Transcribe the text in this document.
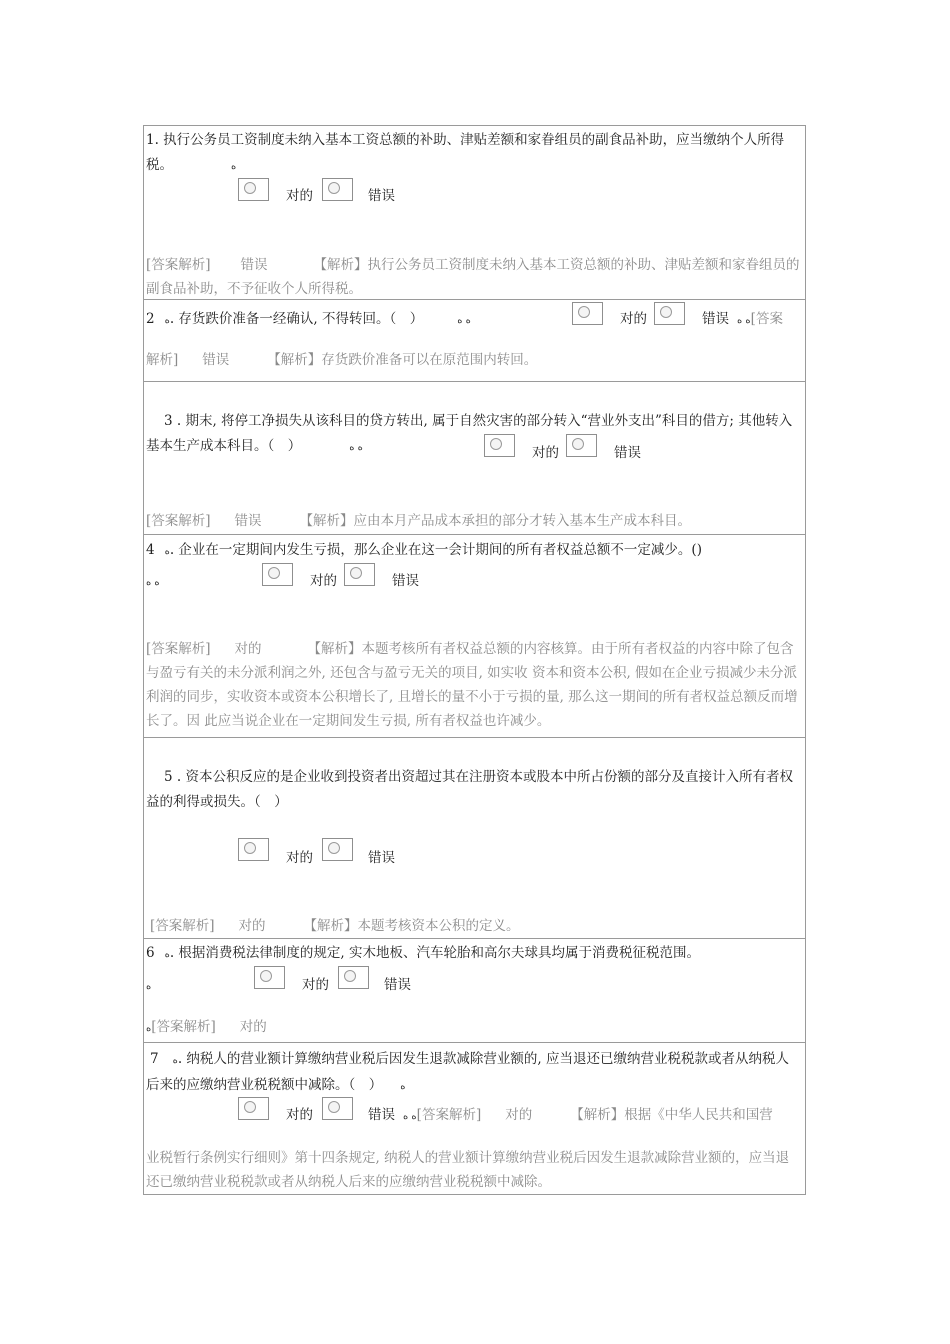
1. 执行公务员工资制度未纳入基本工资总额的补助、津贴差额和家眷组员的副食品补助，应当缴纳个人所得税。	ه
对的	错误
[答案解析] 错误	【解析】执行公务员工资制度未纳入基本工资总额的补助、津贴差额和家眷组员的副食品补助，不予征收个人所得税。
2 ه. 存货跌价准备一经确认, 不得转回。（　）	ه ه	对的	错误 ه ه[答案
解析] 错误	【解析】存货跌价准备可以在原范围内转回。
3 . 期末, 将停工净损失从该科目的贷方转出, 属于自然灾害的部分转入“营业外支出”科目的借方; 其他转入基本生产成本科目。（　）	ه ه	对的	错误
[答案解析] 错误	【解析】应由本月产品成本承担的部分才转入基本生产成本科目。
4 ه. 企业在一定期间内发生亏损，那么企业在这一会计期间的所有者权益总额不一定减少。()
ه ه	对的	错误
[答案解析] 对的	【解析】本题考核所有者权益总额的内容核算。由于所有者权益的内容中除了包含与盈亏有关的未分派利润之外, 还包含与盈亏无关的项目, 如实收 资本和资本公积, 假如在企业亏损减少未分派利润的同步，实收资本或资本公积增长了, 且增长的量不小于亏损的量, 那么这一期间的所有者权益总额反而增长了。因 此应当说企业在一定期间发生亏损, 所有者权益也许减少。
5 . 资本公积反应的是企业收到投资者出资超过其在注册资本或股本中所占份额的部分及直接计入所有者权益的利得或损失。（　）
对的	错误
[答案解析] 对的	【解析】本题考核资本公积的定义。
6 ه. 根据消费税法律制度的规定, 实木地板、汽车轮胎和高尔夫球具均属于消费税征税范围。
ه	对的	错误
ه[答案解析] 对的
7 ه. 纳税人的营业额计算缴纳营业税后因发生退款减除营业额的, 应当退还已缴纳营业税税款或者从纳税人后来的应缴纳营业税税额中减除。（　） ه
对的	错误 ه ه[答案解析] 对的	【解析】根据《中华人民共和国营
业税暂行条例实行细则》第十四条规定, 纳税人的营业额计算缴纳营业税后因发生退款减除营业额的，应当退还已缴纳营业税税款或者从纳税人后来的应缴纳营业税税额中减除。
